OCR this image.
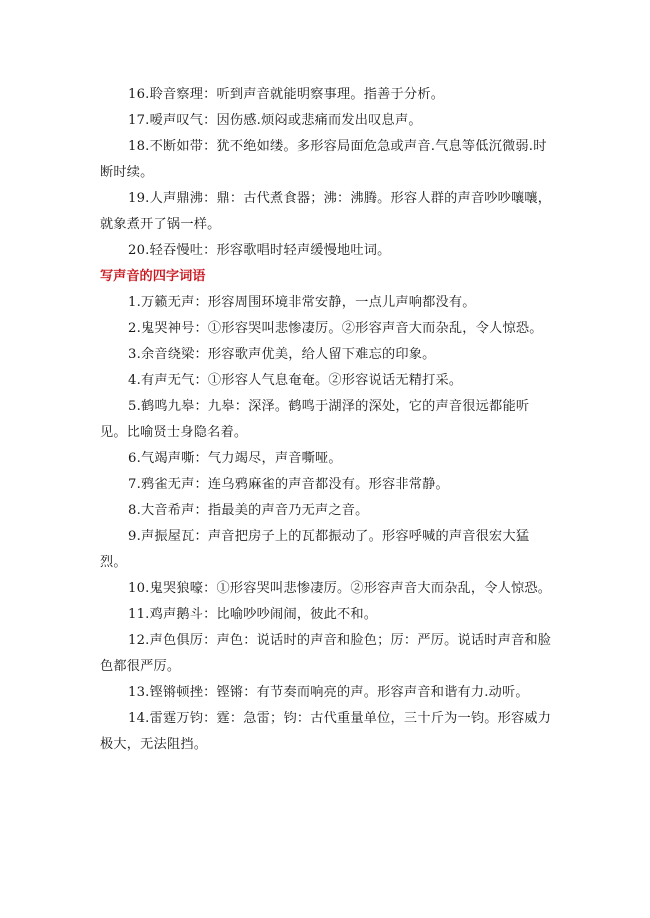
16.聆音察理：听到声音就能明察事理。指善于分析。

17.嗳声叹气：因伤感.烦闷或悲痛而发出叹息声。

18.不断如带：犹不绝如缕。多形容局面危急或声音.气息等低沉微弱.时断时续。

19.人声鼎沸：鼎：古代煮食器；沸：沸腾。形容人群的声音吵吵嚷嚷，就象煮开了锅一样。

20.轻吞慢吐：形容歌唱时轻声缓慢地吐词。

写声音的四字词语

1.万籁无声：形容周围环境非常安静，一点儿声响都没有。

2.鬼哭神号：①形容哭叫悲惨凄厉。②形容声音大而杂乱，令人惊恐。

3.余音绕梁：形容歌声优美，给人留下难忘的印象。

4.有声无气：①形容人气息奄奄。②形容说话无精打采。

5.鹤鸣九皋：九皋：深泽。鹤鸣于湖泽的深处，它的声音很远都能听见。比喻贤士身隐名着。

6.气竭声嘶：气力竭尽，声音嘶哑。

7.鸦雀无声：连乌鸦麻雀的声音都没有。形容非常静。

8.大音希声：指最美的声音乃无声之音。

9.声振屋瓦：声音把房子上的瓦都振动了。形容呼喊的声音很宏大猛烈。

10.鬼哭狼嚎：①形容哭叫悲惨凄厉。②形容声音大而杂乱，令人惊恐。

11.鸡声鹅斗：比喻吵吵闹闹，彼此不和。

12.声色俱厉：声色：说话时的声音和脸色；厉：严厉。说话时声音和脸色都很严厉。

13.铿锵顿挫：铿锵：有节奏而响亮的声。形容声音和谐有力.动听。

14.雷霆万钧：霆：急雷；钧：古代重量单位，三十斤为一钧。形容威力极大，无法阻挡。
